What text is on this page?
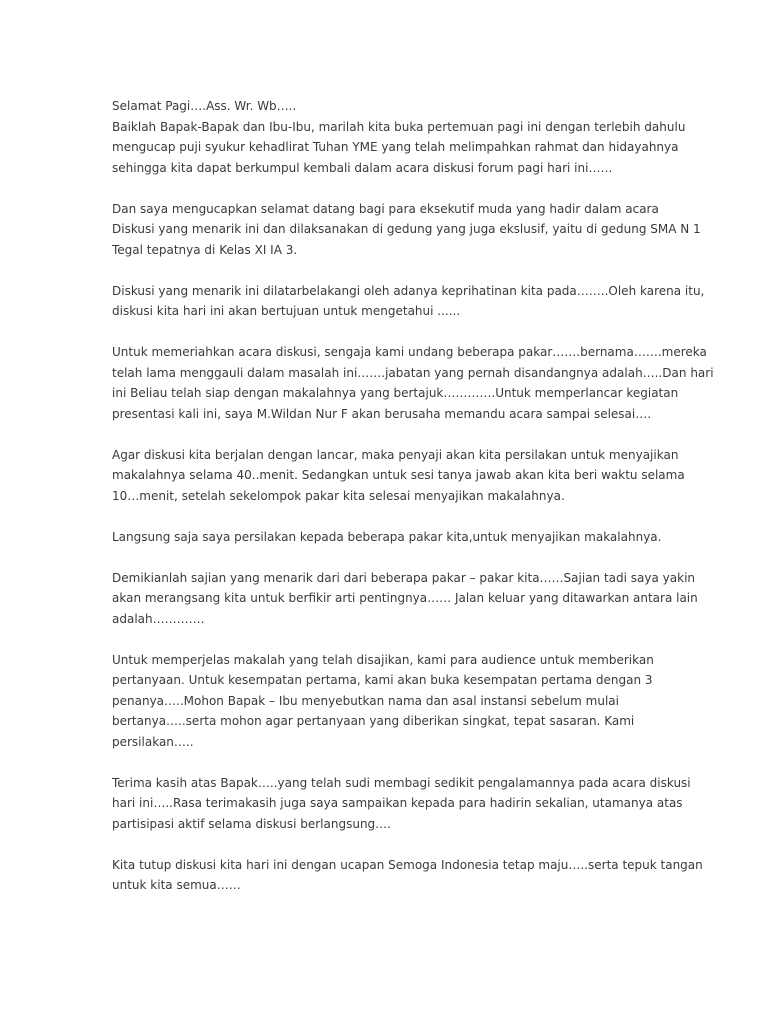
Selamat Pagi….Ass. Wr. Wb…..
Baiklah Bapak-Bapak dan Ibu-Ibu, marilah kita buka pertemuan pagi ini dengan terlebih dahulu
mengucap puji syukur kehadlirat Tuhan YME yang telah melimpahkan rahmat dan hidayahnya
sehingga kita dapat berkumpul kembali dalam acara diskusi forum pagi hari ini……

Dan saya mengucapkan selamat datang bagi para eksekutif muda yang hadir dalam acara
Diskusi yang menarik ini dan dilaksanakan di gedung yang juga ekslusif, yaitu di gedung SMA N 1
Tegal tepatnya di Kelas XI IA 3.

Diskusi yang menarik ini dilatarbelakangi oleh adanya keprihatinan kita pada……..Oleh karena itu,
diskusi kita hari ini akan bertujuan untuk mengetahui ......

Untuk memeriahkan acara diskusi, sengaja kami undang beberapa pakar…….bernama…….mereka
telah lama menggauli dalam masalah ini…….jabatan yang pernah disandangnya adalah…..Dan hari
ini Beliau telah siap dengan makalahnya yang bertajuk………….Untuk memperlancar kegiatan
presentasi kali ini, saya M.Wildan Nur F akan berusaha memandu acara sampai selesai….

Agar diskusi kita berjalan dengan lancar, maka penyaji akan kita persilakan untuk menyajikan
makalahnya selama 40..menit. Sedangkan untuk sesi tanya jawab akan kita beri waktu selama
10…menit, setelah sekelompok pakar kita selesai menyajikan makalahnya.

Langsung saja saya persilakan kepada beberapa pakar kita,untuk menyajikan makalahnya.

Demikianlah sajian yang menarik dari dari beberapa pakar – pakar kita……Sajian tadi saya yakin
akan merangsang kita untuk berfikir arti pentingnya…… Jalan keluar yang ditawarkan antara lain
adalah………….

Untuk memperjelas makalah yang telah disajikan, kami para audience untuk memberikan
pertanyaan. Untuk kesempatan pertama, kami akan buka kesempatan pertama dengan 3
penanya…..Mohon Bapak – Ibu menyebutkan nama dan asal instansi sebelum mulai
bertanya…..serta mohon agar pertanyaan yang diberikan singkat, tepat sasaran. Kami
persilakan…..

Terima kasih atas Bapak…..yang telah sudi membagi sedikit pengalamannya pada acara diskusi
hari ini…..Rasa terimakasih juga saya sampaikan kepada para hadirin sekalian, utamanya atas
partisipasi aktif selama diskusi berlangsung….

Kita tutup diskusi kita hari ini dengan ucapan Semoga Indonesia tetap maju…..serta tepuk tangan
untuk kita semua……
